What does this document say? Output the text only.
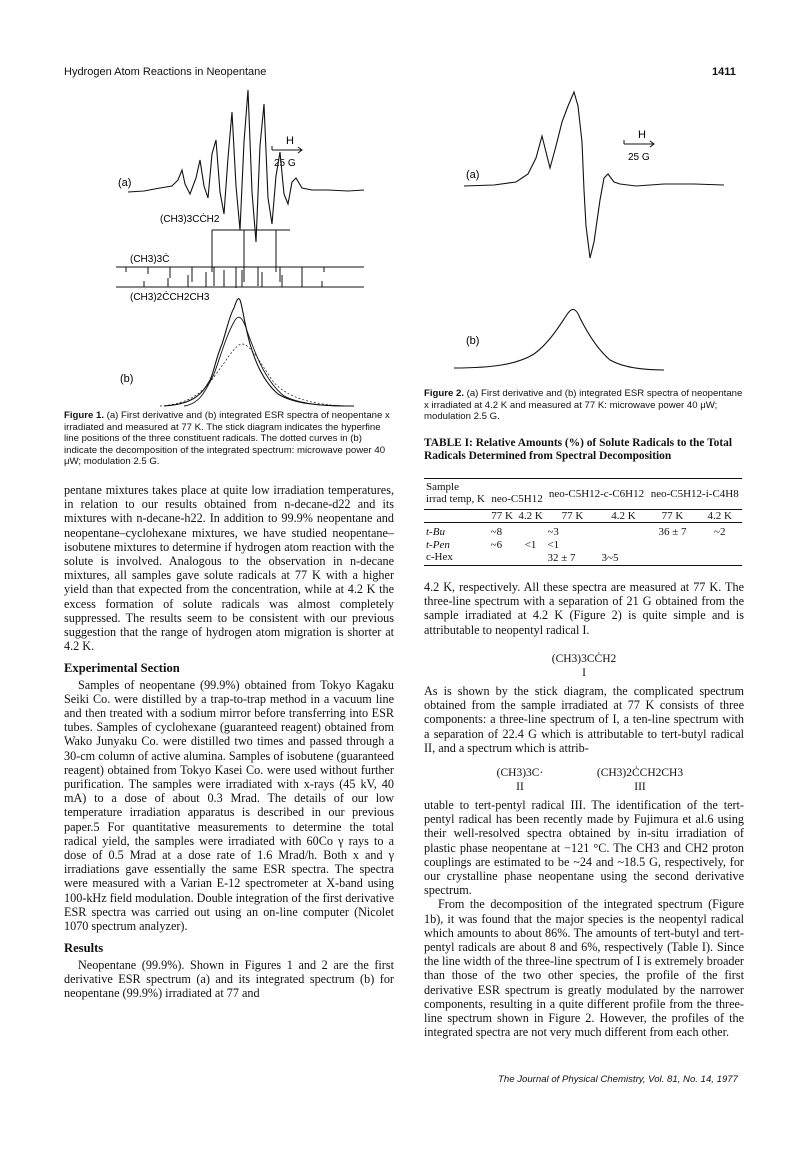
Hydrogen Atom Reactions in Neopentane	1411
(a)
H
25 G
(CH3)3CĊH2
(CH3)3Ċ
(CH3)2ĊCH2CH3
(b)
Figure 1. (a) First derivative and (b) integrated ESR spectra of neopentane x irradiated and measured at 77 K. The stick diagram indicates the hyperfine line positions of the three constituent radicals. The dotted curves in (b) indicate the decomposition of the integrated spectrum: microwave power 40 μW; modulation 2.5 G.
(a)
H
25 G
(b)
Figure 2. (a) First derivative and (b) integrated ESR spectra of neopentane x irradiated at 4.2 K and measured at 77 K: microwave power 40 μW; modulation 2.5 G.
TABLE I: Relative Amounts (%) of Solute Radicals to the Total Radicals Determined from Spectral Decomposition
Sample
irrad temp, K	neo-C5H12		neo-C5H12-c-C6H12		neo-C5H12-i-C4H8	

	77 K	4.2 K	77 K	4.2 K	77 K	4.2 K
t-Bu	~8		~3		36 ± 7	~2
t-Pen	~6	<1	<1			
c-Hex			32 ± 7	3~5		

pentane mixtures takes place at quite low irradiation temperatures, in relation to our results obtained from n-decane-d22 and its mixtures with n-decane-h22. In addition to 99.9% neopentane and neopentane–cyclohexane mixtures, we have studied neopentane–isobutene mixtures to determine if hydrogen atom reaction with the solute is involved. Analogous to the observation in n-decane mixtures, all samples gave solute radicals at 77 K with a higher yield than that expected from the concentration, while at 4.2 K the excess formation of solute radicals was almost completely suppressed. The results seem to be consistent with our previous suggestion that the range of hydrogen atom migration is shorter at 4.2 K.

Experimental Section

Samples of neopentane (99.9%) obtained from Tokyo Kagaku Seiki Co. were distilled by a trap-to-trap method in a vacuum line and then treated with a sodium mirror before transferring into ESR tubes. Samples of cyclohexane (guaranteed reagent) obtained from Wako Junyaku Co. were distilled two times and passed through a 30-cm column of active alumina. Samples of isobutene (guaranteed reagent) obtained from Tokyo Kasei Co. were used without further purification. The samples were irradiated with x-rays (45 kV, 40 mA) to a dose of about 0.3 Mrad. The details of our low temperature irradiation apparatus is described in our previous paper.5 For quantitative measurements to determine the total radical yield, the samples were irradiated with 60Co γ rays to a dose of 0.5 Mrad at a dose rate of 1.6 Mrad/h. Both x and γ irradiations gave essentially the same ESR spectra. The spectra were measured with a Varian E-12 spectrometer at X-band using 100-kHz field modulation. Double integration of the first derivative ESR spectra was carried out using an on-line computer (Nicolet 1070 spectrum analyzer).

Results

Neopentane (99.9%). Shown in Figures 1 and 2 are the first derivative ESR spectrum (a) and its integrated spectrum (b) for neopentane (99.9%) irradiated at 77 and

4.2 K, respectively. All these spectra are measured at 77 K. The three-line spectrum with a separation of 21 G obtained from the sample irradiated at 4.2 K (Figure 2) is quite simple and is attributable to neopentyl radical I.

(CH3)3CĊH2
I

As is shown by the stick diagram, the complicated spectrum obtained from the sample irradiated at 77 K consists of three components: a three-line spectrum of I, a ten-line spectrum with a separation of 22.4 G which is attributable to tert-butyl radical II, and a spectrum which is attrib-

(CH3)3C·
II
(CH3)2ĊCH2CH3
III

utable to tert-pentyl radical III. The identification of the tert-pentyl radical has been recently made by Fujimura et al.6 using their well-resolved spectra obtained by in-situ irradiation of plastic phase neopentane at −121 °C. The CH3 and CH2 proton couplings are estimated to be ~24 and ~18.5 G, respectively, for our crystalline phase neopentane using the second derivative spectrum.

From the decomposition of the integrated spectrum (Figure 1b), it was found that the major species is the neopentyl radical which amounts to about 86%. The amounts of tert-butyl and tert-pentyl radicals are about 8 and 6%, respectively (Table I). Since the line width of the three-line spectrum of I is extremely broader than those of the two other species, the profile of the first derivative ESR spectrum is greatly modulated by the narrower components, resulting in a quite different profile from the three-line spectrum shown in Figure 2. However, the profiles of the integrated spectra are not very much different from each other.

The Journal of Physical Chemistry, Vol. 81, No. 14, 1977
